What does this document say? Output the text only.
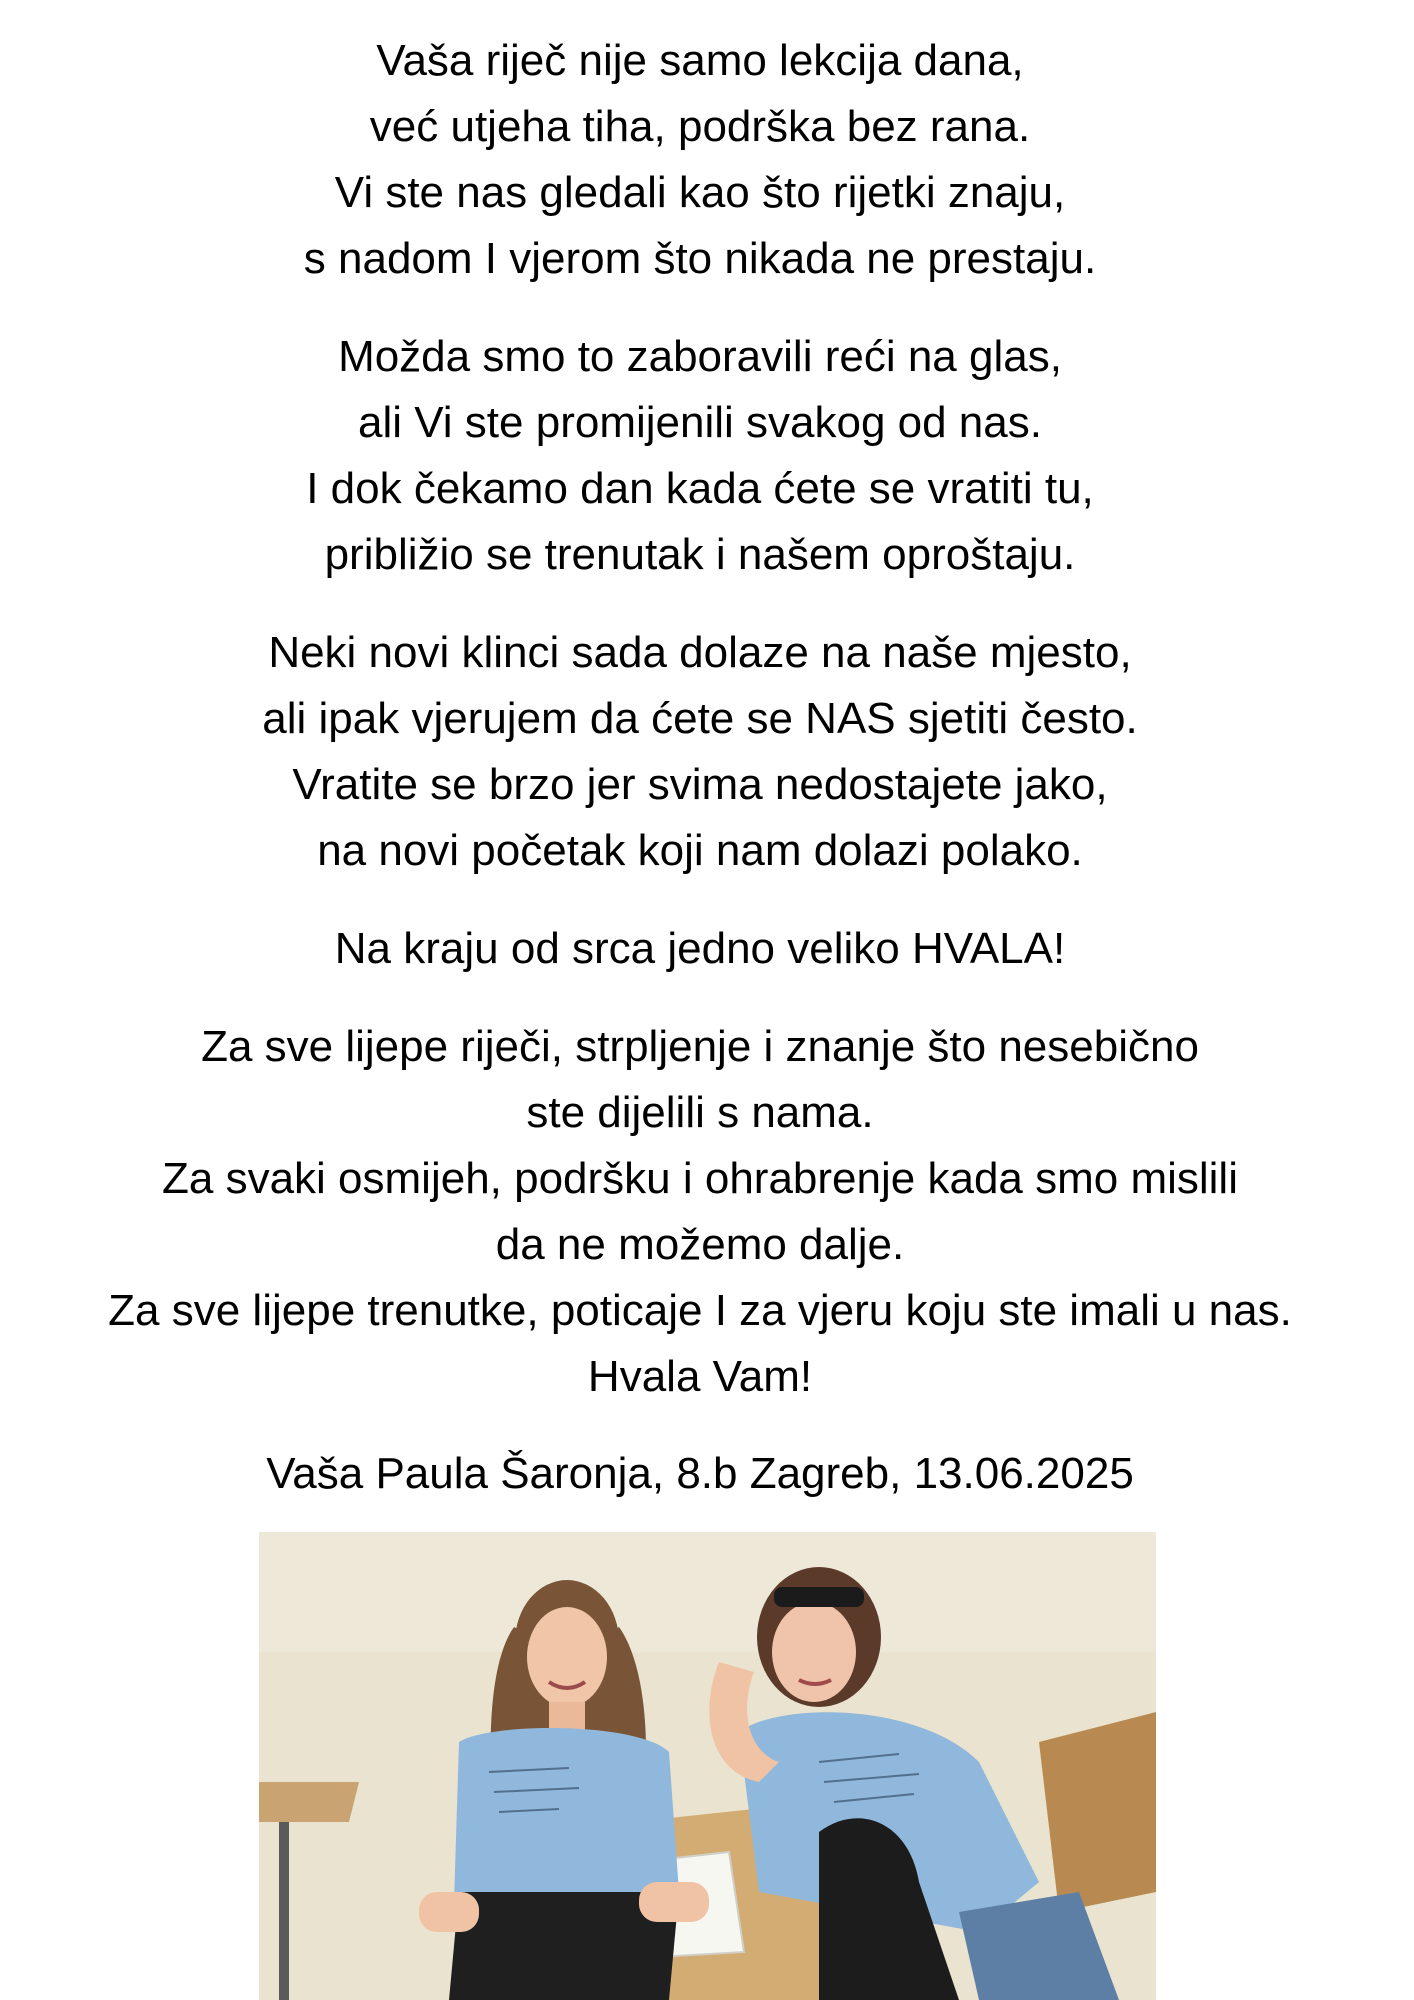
Vaša riječ nije samo lekcija dana,
već utjeha tiha, podrška bez rana.
Vi ste nas gledali kao što rijetki znaju,
s nadom I vjerom što nikada ne prestaju.
Možda smo to zaboravili reći na glas,
ali Vi ste promijenili svakog od nas.
I dok čekamo dan kada ćete se vratiti tu,
približio se trenutak i našem oproštaju.
Neki novi klinci sada dolaze na naše mjesto,
ali ipak vjerujem da ćete se NAS sjetiti često.
Vratite se brzo jer svima nedostajete jako,
na novi početak koji nam dolazi polako.
Na kraju od srca jedno veliko HVALA!
Za sve lijepe riječi, strpljenje i znanje što nesebično
ste dijelili s nama.
Za svaki osmijeh, podršku i ohrabrenje kada smo mislili
da ne možemo dalje.
Za sve lijepe trenutke, poticaje I za vjeru koju ste imali u nas.
Hvala Vam!
Vaša Paula Šaronja, 8.b Zagreb, 13.06.2025
